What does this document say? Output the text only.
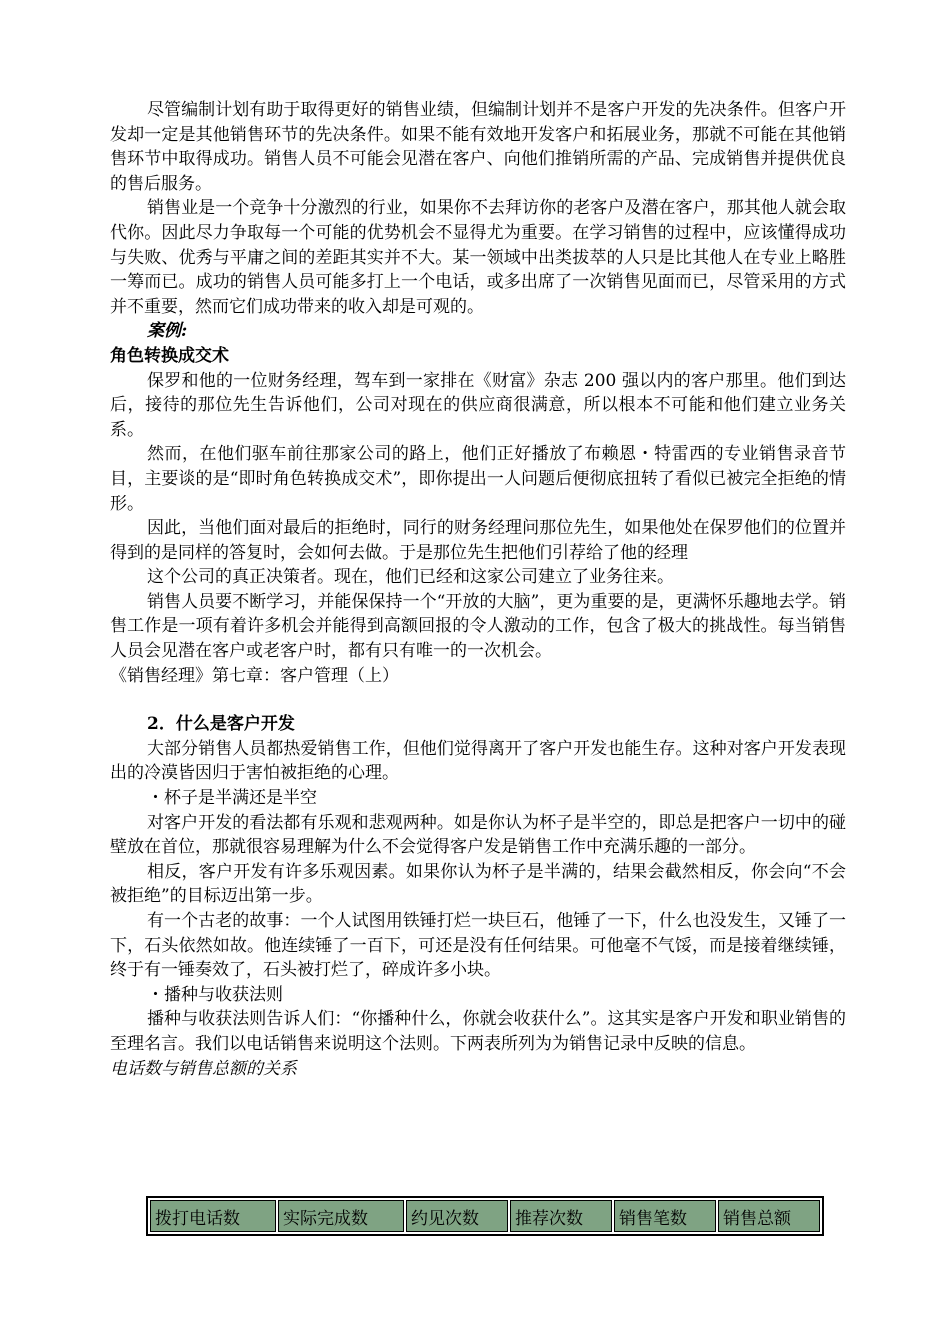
尽管编制计划有助于取得更好的销售业绩，但编制计划并不是客户开发的先决条件。但客户开发却一定是其他销售环节的先决条件。如果不能有效地开发客户和拓展业务，那就不可能在其他销售环节中取得成功。销售人员不可能会见潜在客户、向他们推销所需的产品、完成销售并提供优良的售后服务。

销售业是一个竞争十分激烈的行业，如果你不去拜访你的老客户及潜在客户，那其他人就会取代你。因此尽力争取每一个可能的优势机会不显得尤为重要。在学习销售的过程中，应该懂得成功与失败、优秀与平庸之间的差距其实并不大。某一领域中出类拔萃的人只是比其他人在专业上略胜一筹而已。成功的销售人员可能多打上一个电话，或多出席了一次销售见面而已，尽管采用的方式并不重要，然而它们成功带来的收入却是可观的。

案例:
角色转换成交术

保罗和他的一位财务经理，驾车到一家排在《财富》杂志 200 强以内的客户那里。他们到达后，接待的那位先生告诉他们，公司对现在的供应商很满意，所以根本不可能和他们建立业务关系。

然而，在他们驱车前往那家公司的路上，他们正好播放了布赖恩・特雷西的专业销售录音节目，主要谈的是“即时角色转换成交术”，即你提出一人问题后便彻底扭转了看似已被完全拒绝的情形。

因此，当他们面对最后的拒绝时，同行的财务经理问那位先生，如果他处在保罗他们的位置并得到的是同样的答复时，会如何去做。于是那位先生把他们引荐给了他的经理

这个公司的真正决策者。现在，他们已经和这家公司建立了业务往来。

销售人员要不断学习，并能保保持一个“开放的大脑”，更为重要的是，更满怀乐趣地去学。销售工作是一项有着许多机会并能得到高额回报的令人激动的工作，包含了极大的挑战性。每当销售人员会见潜在客户或老客户时，都有只有唯一的一次机会。

《销售经理》第七章：客户管理（上）

2．什么是客户开发

大部分销售人员都热爱销售工作，但他们觉得离开了客户开发也能生存。这种对客户开发表现出的冷漠皆因归于害怕被拒绝的心理。

・杯子是半满还是半空

对客户开发的看法都有乐观和悲观两种。如是你认为杯子是半空的，即总是把客户一切中的碰壁放在首位，那就很容易理解为什么不会觉得客户发是销售工作中充满乐趣的一部分。

相反，客户开发有许多乐观因素。如果你认为杯子是半满的，结果会截然相反，你会向“不会被拒绝”的目标迈出第一步。

有一个古老的故事：一个人试图用铁锤打烂一块巨石，他锤了一下，什么也没发生，又锤了一下，石头依然如故。他连续锤了一百下，可还是没有任何结果。可他毫不气馁，而是接着继续锤，终于有一锤奏效了，石头被打烂了，碎成许多小块。

・播种与收获法则

播种与收获法则告诉人们：“你播种什么，你就会收获什么”。这其实是客户开发和职业销售的至理名言。我们以电话销售来说明这个法则。下两表所列为为销售记录中反映的信息。

电话数与销售总额的关系
拨打电话数	实际完成数	约见次数	推荐次数	销售笔数	销售总额
